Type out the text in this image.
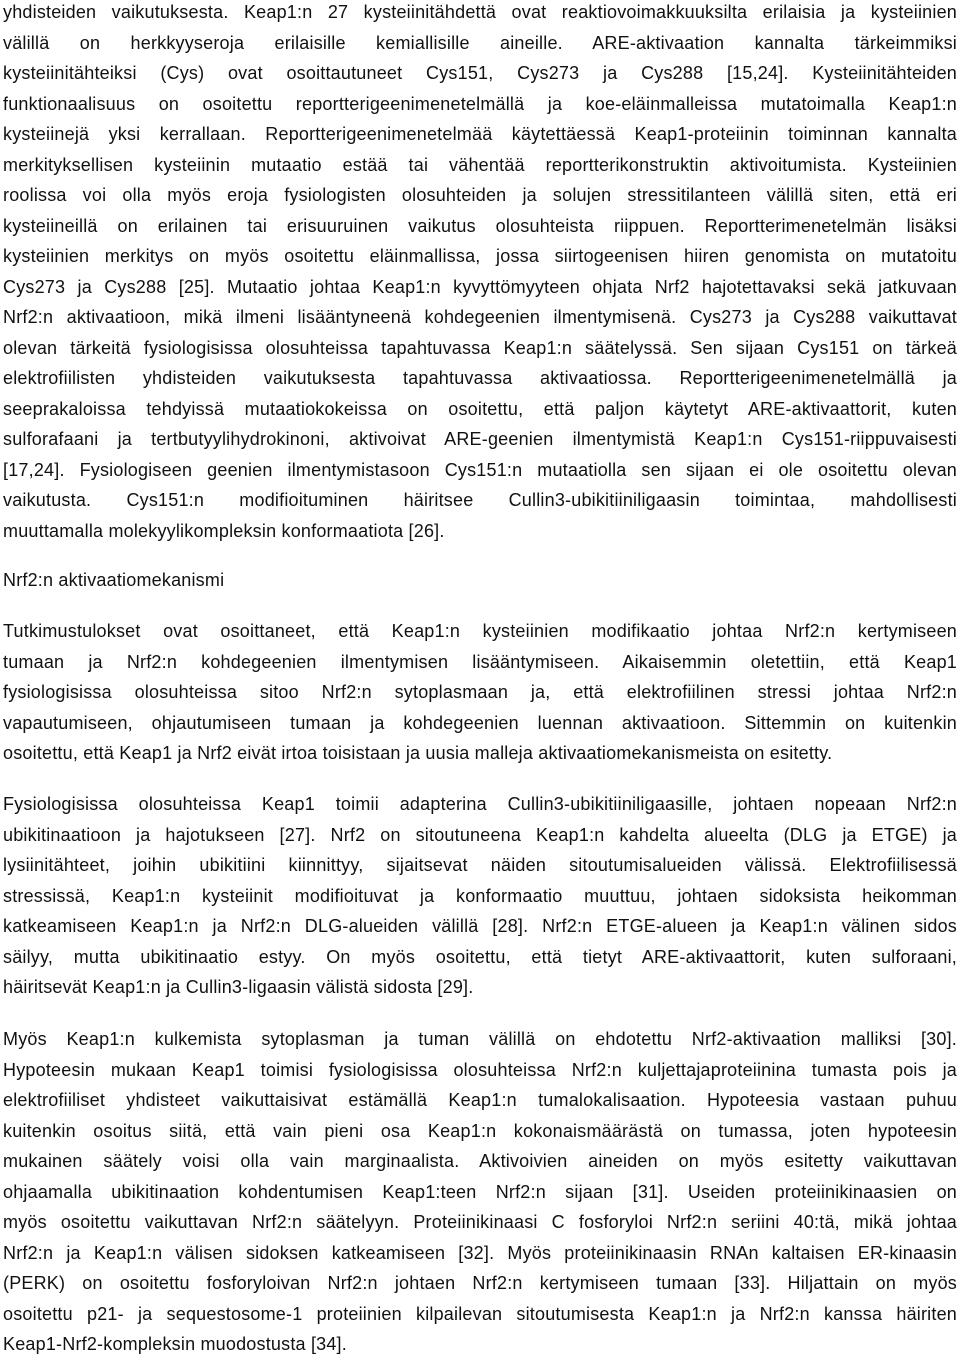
yhdisteiden vaikutuksesta. Keap1:n 27 kysteiinitähdettä ovat reaktiovoimakkuuksilta erilaisia ja kysteiinien
välillä on herkkyyseroja erilaisille kemiallisille aineille. ARE-aktivaation kannalta tärkeimmiksi
kysteiinitähteiksi (Cys) ovat osoittautuneet Cys151, Cys273 ja Cys288 [15,24]. Kysteiinitähteiden
funktionaalisuus on osoitettu reportterigeenimenetelmällä ja koe-eläinmalleissa mutatoimalla Keap1:n
kysteiinejä yksi kerrallaan. Reportterigeenimenetelmää käytettäessä Keap1-proteiinin toiminnan kannalta
merkityksellisen kysteiinin mutaatio estää tai vähentää reportterikonstruktin aktivoitumista. Kysteiinien
roolissa voi olla myös eroja fysiologisten olosuhteiden ja solujen stressitilanteen välillä siten, että eri
kysteiineillä on erilainen tai erisuuruinen vaikutus olosuhteista riippuen. Reportterimenetelmän lisäksi
kysteiinien merkitys on myös osoitettu eläinmallissa, jossa siirtogeenisen hiiren genomista on mutatoitu
Cys273 ja Cys288 [25]. Mutaatio johtaa Keap1:n kyvyttömyyteen ohjata Nrf2 hajotettavaksi sekä jatkuvaan
Nrf2:n aktivaatioon, mikä ilmeni lisääntyneenä kohdegeenien ilmentymisenä. Cys273 ja Cys288 vaikuttavat
olevan tärkeitä fysiologisissa olosuhteissa tapahtuvassa Keap1:n säätelyssä. Sen sijaan Cys151 on tärkeä
elektrofiilisten yhdisteiden vaikutuksesta tapahtuvassa aktivaatiossa. Reportterigeenimenetelmällä ja
seeprakaloissa tehdyissä mutaatiokokeissa on osoitettu, että paljon käytetyt ARE-aktivaattorit, kuten
sulforafaani ja tertbutyylihydrokinoni, aktivoivat ARE-geenien ilmentymistä Keap1:n Cys151-riippuvaisesti
[17,24]. Fysiologiseen geenien ilmentymistasoon Cys151:n mutaatiolla sen sijaan ei ole osoitettu olevan
vaikutusta. Cys151:n modifioituminen häiritsee Cullin3-ubikitiiniligaasin toimintaa, mahdollisesti
muuttamalla molekyylikompleksin konformaatiota [26].
Nrf2:n aktivaatiomekanismi
Tutkimustulokset ovat osoittaneet, että Keap1:n kysteiinien modifikaatio johtaa Nrf2:n kertymiseen
tumaan ja Nrf2:n kohdegeenien ilmentymisen lisääntymiseen. Aikaisemmin oletettiin, että Keap1
fysiologisissa olosuhteissa sitoo Nrf2:n sytoplasmaan ja, että elektrofiilinen stressi johtaa Nrf2:n
vapautumiseen, ohjautumiseen tumaan ja kohdegeenien luennan aktivaatioon. Sittemmin on kuitenkin
osoitettu, että Keap1 ja Nrf2 eivät irtoa toisistaan ja uusia malleja aktivaatiomekanismeista on esitetty.
Fysiologisissa olosuhteissa Keap1 toimii adapterina Cullin3-ubikitiiniligaasille, johtaen nopeaan Nrf2:n
ubikitinaatioon ja hajotukseen [27]. Nrf2 on sitoutuneena Keap1:n kahdelta alueelta (DLG ja ETGE) ja
lysiinitähteet, joihin ubikitiini kiinnittyy, sijaitsevat näiden sitoutumisalueiden välissä. Elektrofiilisessä
stressissä, Keap1:n kysteiinit modifioituvat ja konformaatio muuttuu, johtaen sidoksista heikomman
katkeamiseen Keap1:n ja Nrf2:n DLG-alueiden välillä [28]. Nrf2:n ETGE-alueen ja Keap1:n välinen sidos
säilyy, mutta ubikitinaatio estyy. On myös osoitettu, että tietyt ARE-aktivaattorit, kuten sulforaani,
häiritsevät Keap1:n ja Cullin3-ligaasin välistä sidosta [29].
Myös Keap1:n kulkemista sytoplasman ja tuman välillä on ehdotettu Nrf2-aktivaation malliksi [30].
Hypoteesin mukaan Keap1 toimisi fysiologisissa olosuhteissa Nrf2:n kuljettajaproteiinina tumasta pois ja
elektrofiiliset yhdisteet vaikuttaisivat estämällä Keap1:n tumalokalisaation. Hypoteesia vastaan puhuu
kuitenkin osoitus siitä, että vain pieni osa Keap1:n kokonaismäärästä on tumassa, joten hypoteesin
mukainen säätely voisi olla vain marginaalista. Aktivoivien aineiden on myös esitetty vaikuttavan
ohjaamalla ubikitinaation kohdentumisen Keap1:teen Nrf2:n sijaan [31]. Useiden proteiinikinaasien on
myös osoitettu vaikuttavan Nrf2:n säätelyyn. Proteiinikinaasi C fosforyloi Nrf2:n seriini 40:tä, mikä johtaa
Nrf2:n ja Keap1:n välisen sidoksen katkeamiseen [32]. Myös proteiinikinaasin RNAn kaltaisen ER-kinaasin
(PERK) on osoitettu fosforyloivan Nrf2:n johtaen Nrf2:n kertymiseen tumaan [33]. Hiljattain on myös
osoitettu p21- ja sequestosome-1 proteiinien kilpailevan sitoutumisesta Keap1:n ja Nrf2:n kanssa häiriten
Keap1-Nrf2-kompleksin muodostusta [34].
